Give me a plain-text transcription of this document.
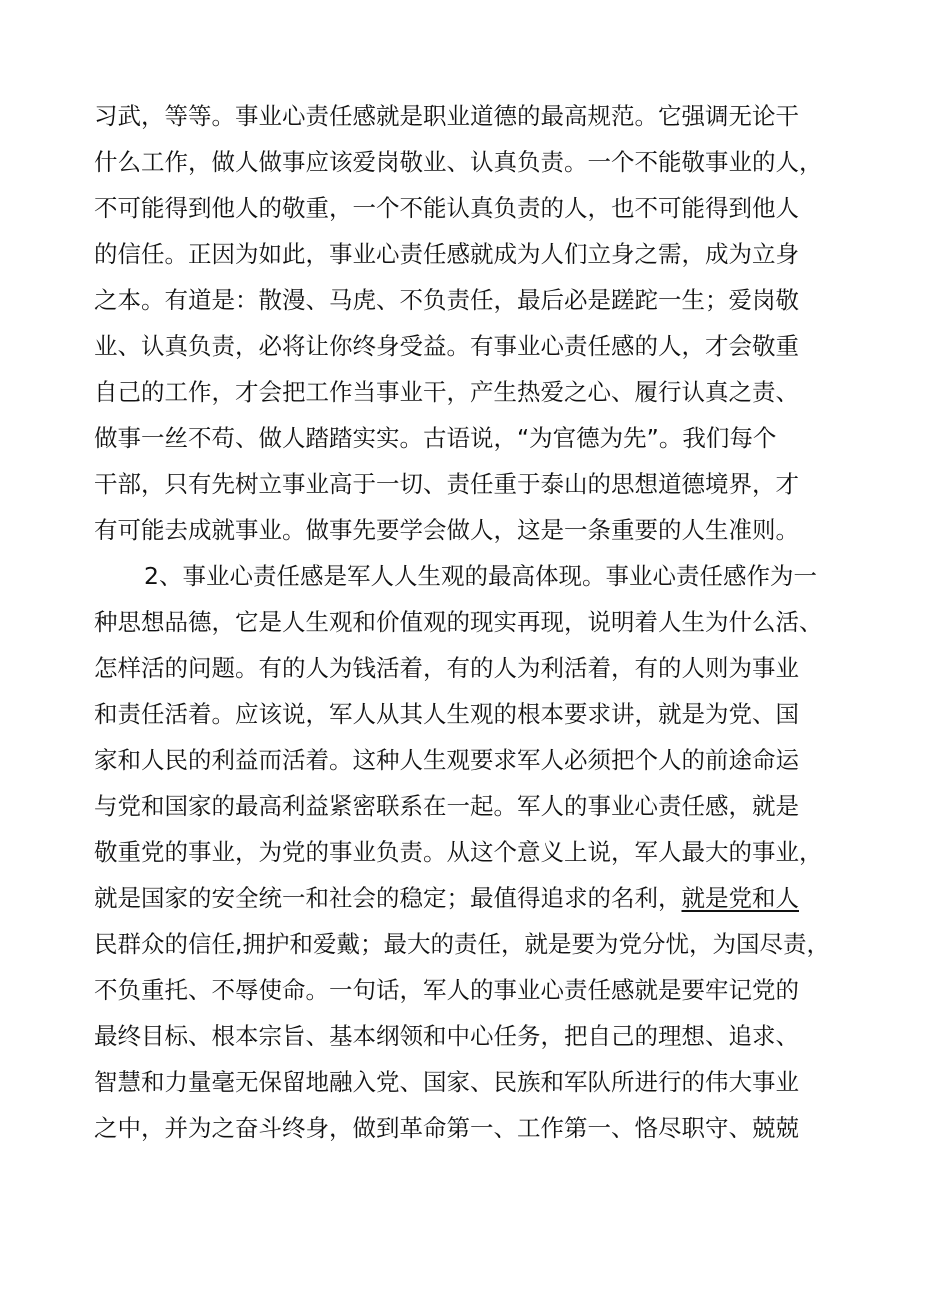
习武，等等。事业心责任感就是职业道德的最高规范。它强调无论干
什么工作，做人做事应该爱岗敬业、认真负责。一个不能敬事业的人，
不可能得到他人的敬重，一个不能认真负责的人，也不可能得到他人
的信任。正因为如此，事业心责任感就成为人们立身之需，成为立身
之本。有道是：散漫、马虎、不负责任，最后必是蹉跎一生；爱岗敬
业、认真负责，必将让你终身受益。有事业心责任感的人，才会敬重
自己的工作，才会把工作当事业干，产生热爱之心、履行认真之责、
做事一丝不苟、做人踏踏实实。古语说，“为官德为先”。我们每个
干部，只有先树立事业高于一切、责任重于泰山的思想道德境界，才
有可能去成就事业。做事先要学会做人，这是一条重要的人生准则。
2、事业心责任感是军人人生观的最高体现。事业心责任感作为一
种思想品德，它是人生观和价值观的现实再现，说明着人生为什么活、
怎样活的问题。有的人为钱活着，有的人为利活着，有的人则为事业
和责任活着。应该说，军人从其人生观的根本要求讲，就是为党、国
家和人民的利益而活着。这种人生观要求军人必须把个人的前途命运
与党和国家的最高利益紧密联系在一起。军人的事业心责任感，就是
敬重党的事业，为党的事业负责。从这个意义上说，军人最大的事业，
就是国家的安全统一和社会的稳定；最值得追求的名利，就是党和人
民群众的信任,拥护和爱戴；最大的责任，就是要为党分忧，为国尽责，
不负重托、不辱使命。一句话，军人的事业心责任感就是要牢记党的
最终目标、根本宗旨、基本纲领和中心任务，把自己的理想、追求、
智慧和力量毫无保留地融入党、国家、民族和军队所进行的伟大事业
之中，并为之奋斗终身，做到革命第一、工作第一、恪尽职守、兢兢
